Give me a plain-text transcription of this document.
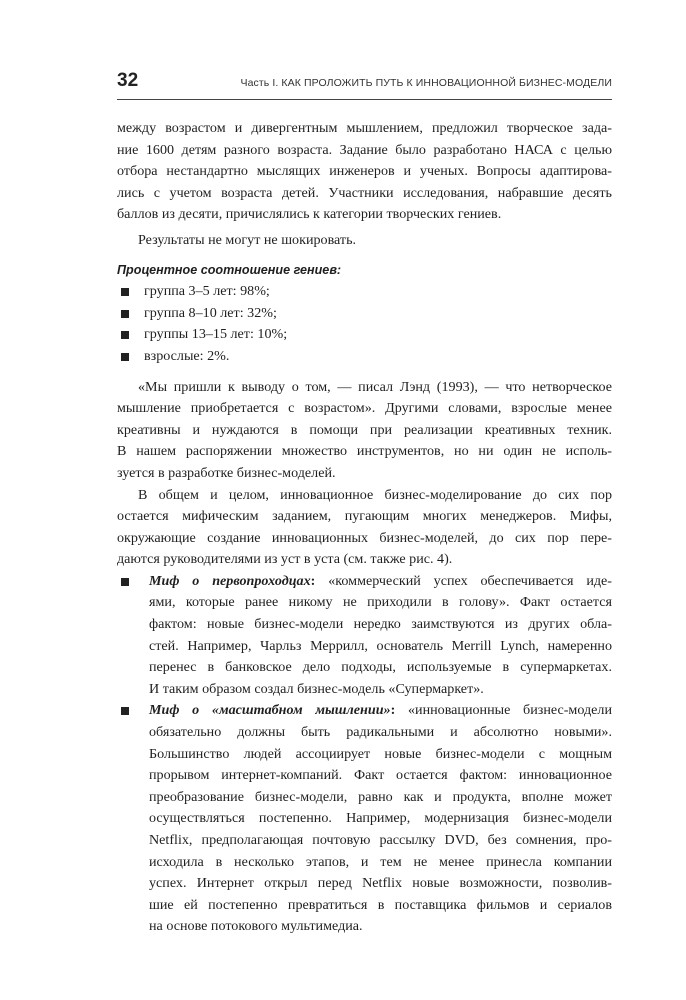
32	Часть I. КАК ПРОЛОЖИТЬ ПУТЬ К ИННОВАЦИОННОЙ БИЗНЕС-МОДЕЛИ
между возрастом и дивергентным мышлением, предложил творческое зада-
ние 1600 детям разного возраста. Задание было разработано НАСА с целью
отбора нестандартно мыслящих инженеров и ученых. Вопросы адаптирова-
лись с учетом возраста детей. Участники исследования, набравшие десять
баллов из десяти, причислялись к категории творческих гениев.
Результаты не могут не шокировать.
Процентное соотношение гениев:
группа 3–5 лет: 98%;
группа 8–10 лет: 32%;
группы 13–15 лет: 10%;
взрослые: 2%.
«Мы пришли к выводу о том, — писал Лэнд (1993), — что нетворческое
мышление приобретается с возрастом». Другими словами, взрослые менее
креативны и нуждаются в помощи при реализации креативных техник.
В нашем распоряжении множество инструментов, но ни один не исполь-
зуется в разработке бизнес-моделей.
В общем и целом, инновационное бизнес-моделирование до сих пор
остается мифическим заданием, пугающим многих менеджеров. Мифы,
окружающие создание инновационных бизнес-моделей, до сих пор пере-
даются руководителями из уст в уста (см. также рис. 4).
Миф о первопроходцах: «коммерческий успех обеспечивается иде-
ями, которые ранее никому не приходили в голову». Факт остается
фактом: новые бизнес-модели нередко заимствуются из других обла-
стей. Например, Чарльз Меррилл, основатель Merrill Lynch, намеренно
перенес в банковское дело подходы, используемые в супермаркетах.
И таким образом создал бизнес-модель «Супермаркет».
Миф о «масштабном мышлении»: «инновационные бизнес-модели
обязательно должны быть радикальными и абсолютно новыми».
Большинство людей ассоциирует новые бизнес-модели с мощным
прорывом интернет-компаний. Факт остается фактом: инновационное
преобразование бизнес-модели, равно как и продукта, вполне может
осуществляться постепенно. Например, модернизация бизнес-модели
Netflix, предполагающая почтовую рассылку DVD, без сомнения, про-
исходила в несколько этапов, и тем не менее принесла компании
успех. Интернет открыл перед Netflix новые возможности, позволив-
шие ей постепенно превратиться в поставщика фильмов и сериалов
на основе потокового мультимедиа.
